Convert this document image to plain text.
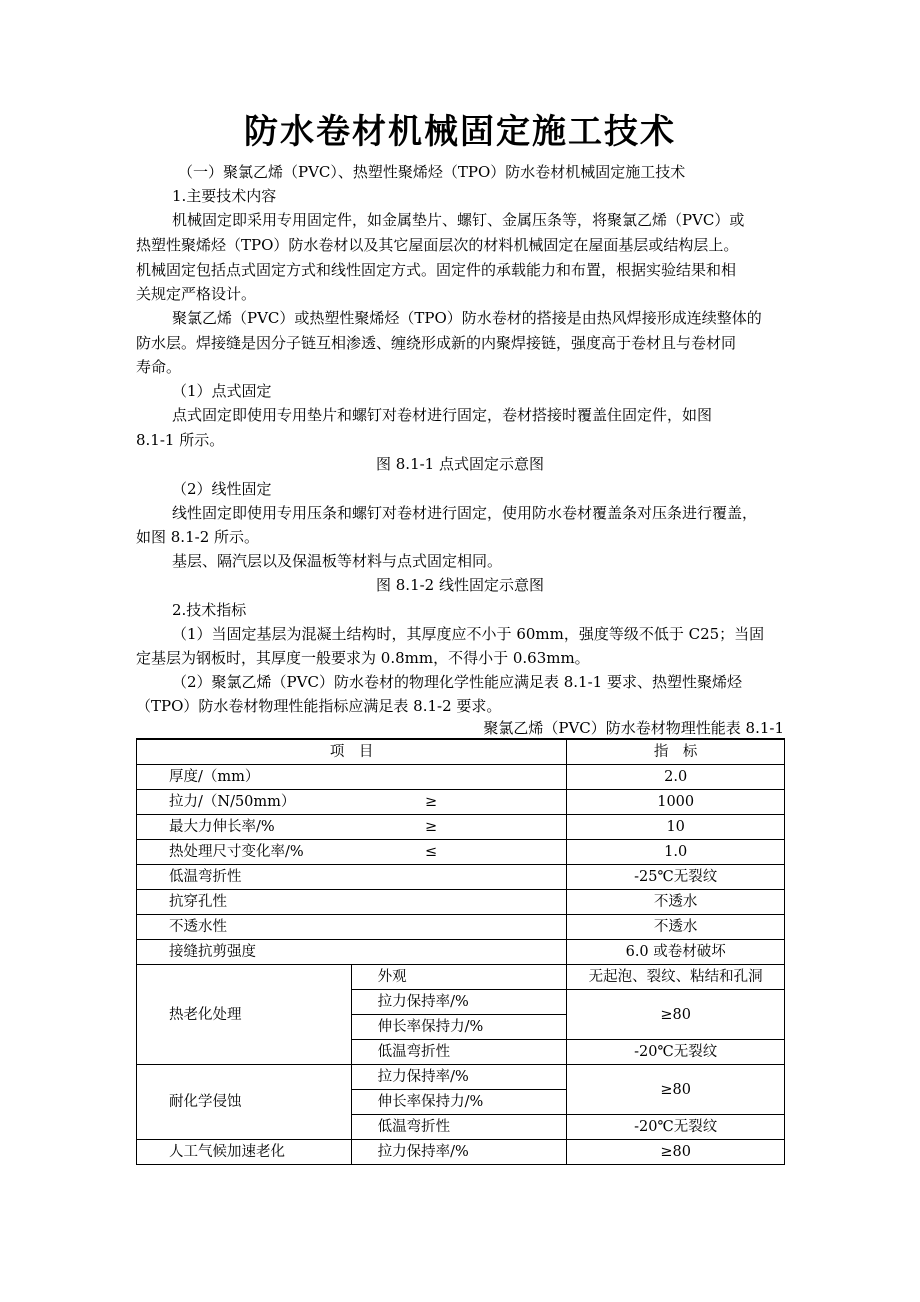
防水卷材机械固定施工技术
（一）聚氯乙烯（PVC）、热塑性聚烯烃（TPO）防水卷材机械固定施工技术
1.主要技术内容
机械固定即采用专用固定件，如金属垫片、螺钉、金属压条等，将聚氯乙烯（PVC）或
热塑性聚烯烃（TPO）防水卷材以及其它屋面层次的材料机械固定在屋面基层或结构层上。
机械固定包括点式固定方式和线性固定方式。固定件的承载能力和布置，根据实验结果和相
关规定严格设计。
聚氯乙烯（PVC）或热塑性聚烯烃（TPO）防水卷材的搭接是由热风焊接形成连续整体的
防水层。焊接缝是因分子链互相渗透、缠绕形成新的内聚焊接链，强度高于卷材且与卷材同
寿命。
（1）点式固定
点式固定即使用专用垫片和螺钉对卷材进行固定，卷材搭接时覆盖住固定件，如图
8.1-1 所示。
图 8.1-1 点式固定示意图
（2）线性固定
线性固定即使用专用压条和螺钉对卷材进行固定，使用防水卷材覆盖条对压条进行覆盖，
如图 8.1-2 所示。
基层、隔汽层以及保温板等材料与点式固定相同。
图 8.1-2 线性固定示意图
2.技术指标
（1）当固定基层为混凝土结构时，其厚度应不小于 60mm，强度等级不低于 C25；当固
定基层为钢板时，其厚度一般要求为 0.8mm，不得小于 0.63mm。
（2）聚氯乙烯（PVC）防水卷材的物理化学性能应满足表 8.1-1 要求、热塑性聚烯烃
（TPO）防水卷材物理性能指标应满足表 8.1-2 要求。
聚氯乙烯（PVC）防水卷材物理性能表 8.1-1
项　目		指　标
厚度/（mm）		2.0
拉力/（N/50mm） ≥		1000
最大力伸长率/% ≥		10
热处理尺寸变化率/% ≤		1.0
低温弯折性		-25℃无裂纹
抗穿孔性		不透水
不透水性		不透水
接缝抗剪强度		6.0 或卷材破坏
热老化处理	外观	无起泡、裂纹、粘结和孔洞
	拉力保持率/%	≥80
	伸长率保持力/%	
	低温弯折性	-20℃无裂纹
耐化学侵蚀	拉力保持率/%	≥80
	伸长率保持力/%	
	低温弯折性	-20℃无裂纹
人工气候加速老化	拉力保持率/%	≥80
